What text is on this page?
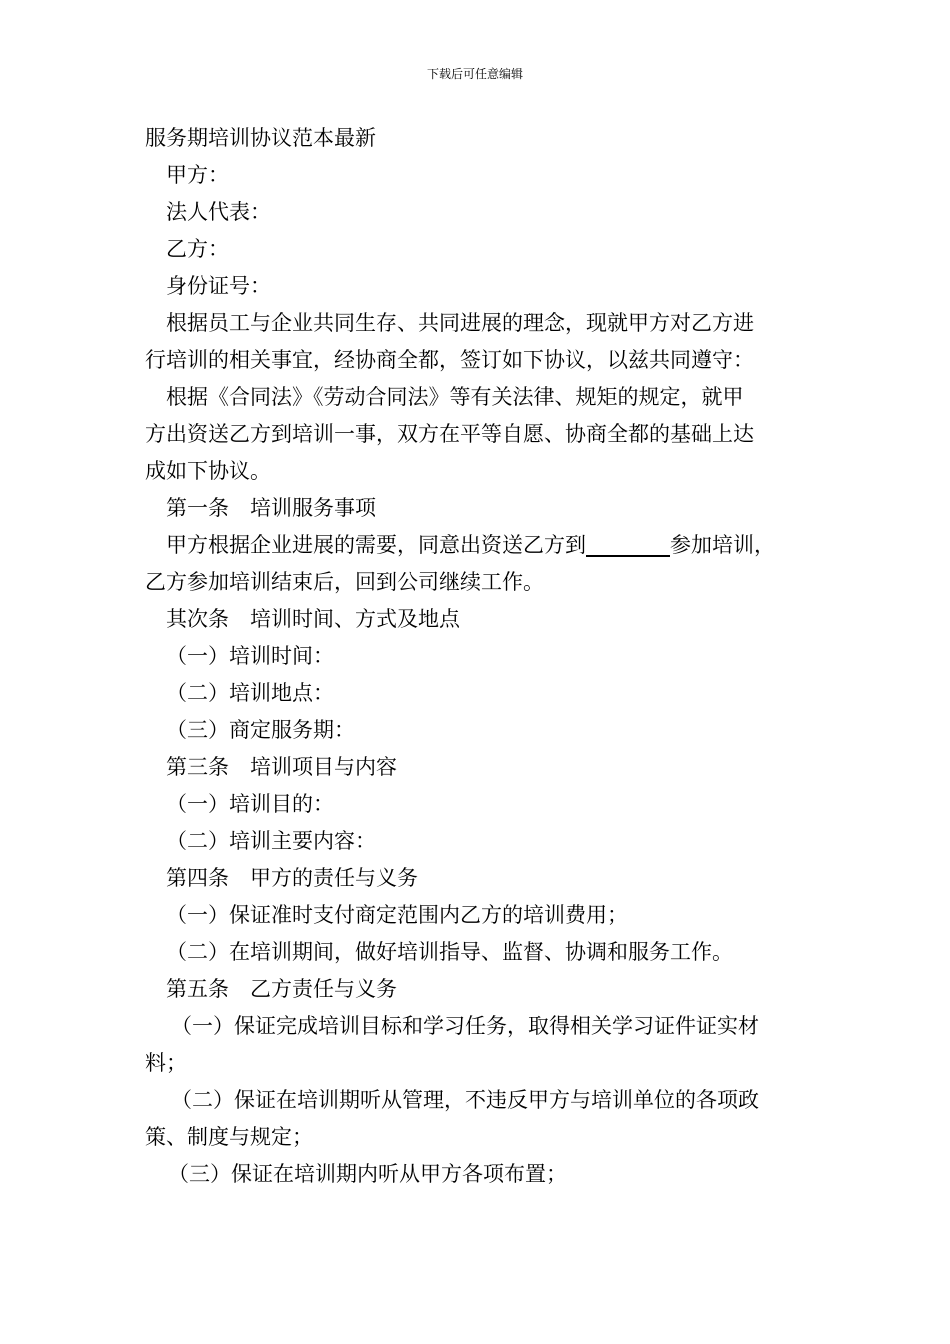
下载后可任意编辑
服务期培训协议范本最新
甲方：
法人代表：
乙方：
身份证号：
根据员工与企业共同生存、共同进展的理念，现就甲方对乙方进
行培训的相关事宜，经协商全都，签订如下协议，以兹共同遵守：
根据《合同法》《劳动合同法》等有关法律、规矩的规定，就甲
方出资送乙方到培训一事，双方在平等自愿、协商全都的基础上达
成如下协议。
第一条　培训服务事项
甲方根据企业进展的需要，同意出资送乙方到________参加培训，
乙方参加培训结束后，回到公司继续工作。
其次条　培训时间、方式及地点
（一）培训时间：
（二）培训地点：
（三）商定服务期：
第三条　培训项目与内容
（一）培训目的：
（二）培训主要内容：
第四条　甲方的责任与义务
（一）保证准时支付商定范围内乙方的培训费用；
（二）在培训期间，做好培训指导、监督、协调和服务工作。
第五条　乙方责任与义务
（一）保证完成培训目标和学习任务，取得相关学习证件证实材
料；
（二）保证在培训期听从管理，不违反甲方与培训单位的各项政
策、制度与规定；
（三）保证在培训期内听从甲方各项布置；
